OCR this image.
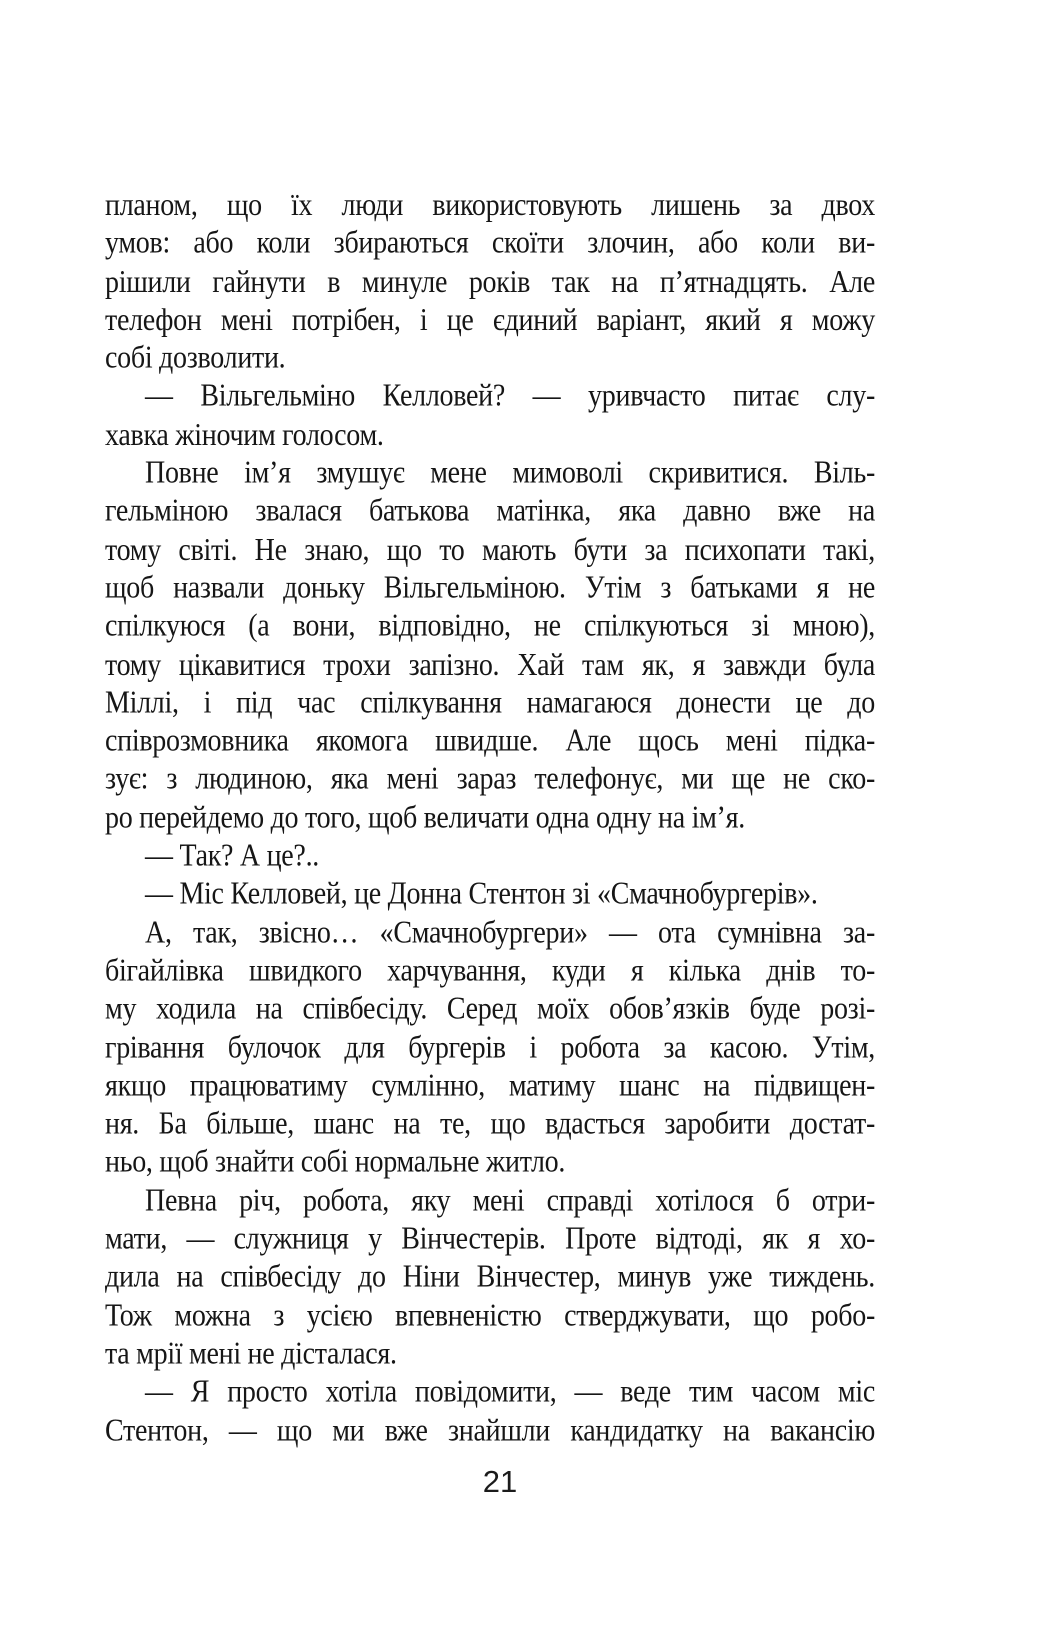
планом, що їх люди використовують лишень за двох
умов: або коли збираються скоїти злочин, або коли ви-
рішили гайнути в минуле років так на п’ятнадцять. Але
телефон мені потрібен, і це єдиний варіант, який я можу
собі дозволити.
— Вільгельміно Келловей? — уривчасто питає слу-
хавка жіночим голосом.
Повне ім’я змушує мене мимоволі скривитися. Віль-
гельміною звалася батькова матінка, яка давно вже на
тому світі. Не знаю, що то мають бути за психопати такі,
щоб назвали доньку Вільгельміною. Утім з батьками я не
спілкуюся (а вони, відповідно, не спілкуються зі мною),
тому цікавитися трохи запізно. Хай там як, я завжди була
Міллі, і під час спілкування намагаюся донести це до
співрозмовника якомога швидше. Але щось мені підка-
зує: з людиною, яка мені зараз телефонує, ми ще не ско-
ро перейдемо до того, щоб величати одна одну на ім’я.
— Так? А це?..
— Міс Келловей, це Донна Стентон зі «Смачнобургерів».
А, так, звісно… «Смачнобургери» — ота сумнівна за-
бігайлівка швидкого харчування, куди я кілька днів то-
му ходила на співбесіду. Серед моїх обов’язків буде розі-
грівання булочок для бургерів і робота за касою. Утім,
якщо працюватиму сумлінно, матиму шанс на підвищен-
ня. Ба більше, шанс на те, що вдасться заробити достат-
ньо, щоб знайти собі нормальне житло.
Певна річ, робота, яку мені справді хотілося б отри-
мати, — служниця у Вінчестерів. Проте відтоді, як я хо-
дила на співбесіду до Ніни Вінчестер, минув уже тиждень.
Тож можна з усією впевненістю стверджувати, що робо-
та мрії мені не дісталася.
— Я просто хотіла повідомити, — веде тим часом міс
Стентон, — що ми вже знайшли кандидатку на вакансію
21
